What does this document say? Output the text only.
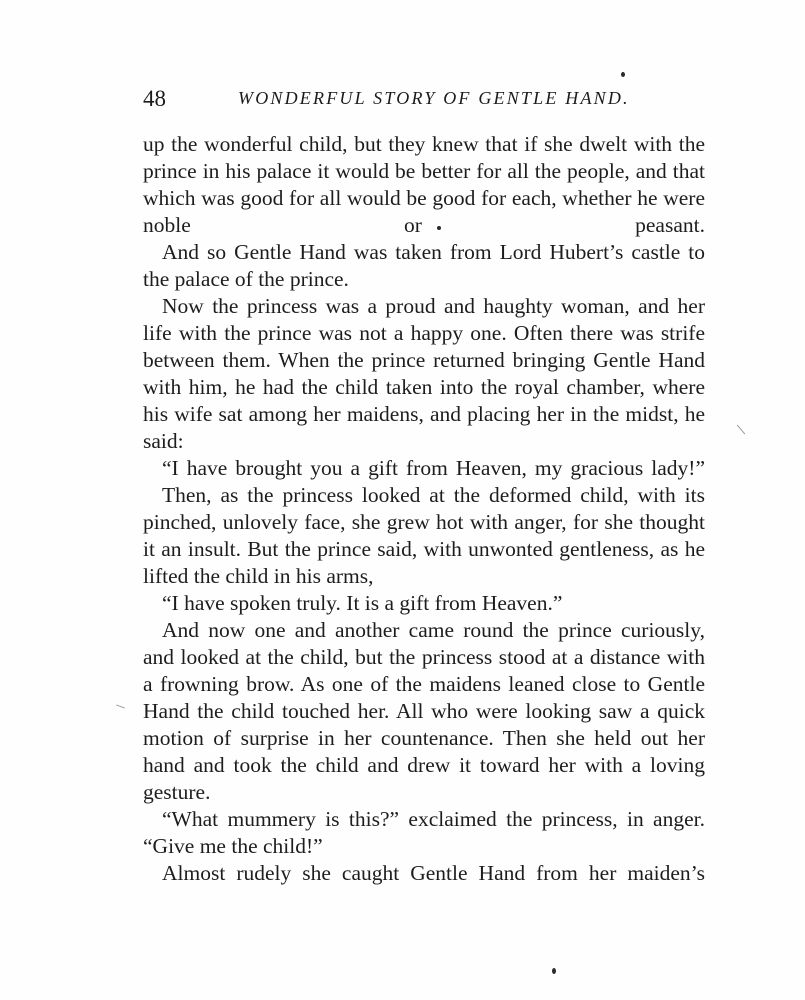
48	WONDERFUL STORY OF GENTLE HAND.

up the wonderful child, but they knew that if she dwelt with the prince in his palace it would be better for all the people, and that which was good for all would be good for each, whether he were noble or peasant.

And so Gentle Hand was taken from Lord Hubert’s castle to the palace of the prince.

Now the princess was a proud and haughty woman, and her life with the prince was not a happy one. Often there was strife between them. When the prince returned bringing Gentle Hand with him, he had the child taken into the royal chamber, where his wife sat among her maidens, and placing her in the midst, he said:

“I have brought you a gift from Heaven, my gracious lady!”

Then, as the princess looked at the deformed child, with its pinched, unlovely face, she grew hot with anger, for she thought it an insult. But the prince said, with unwonted gentleness, as he lifted the child in his arms,

“I have spoken truly. It is a gift from Heaven.”

And now one and another came round the prince curiously, and looked at the child, but the princess stood at a distance with a frowning brow. As one of the maidens leaned close to Gentle Hand the child touched her. All who were looking saw a quick motion of surprise in her countenance. Then she held out her hand and took the child and drew it toward her with a loving gesture.

“What mummery is this?” exclaimed the princess, in anger. “Give me the child!”

Almost rudely she caught Gentle Hand from her maiden’s
